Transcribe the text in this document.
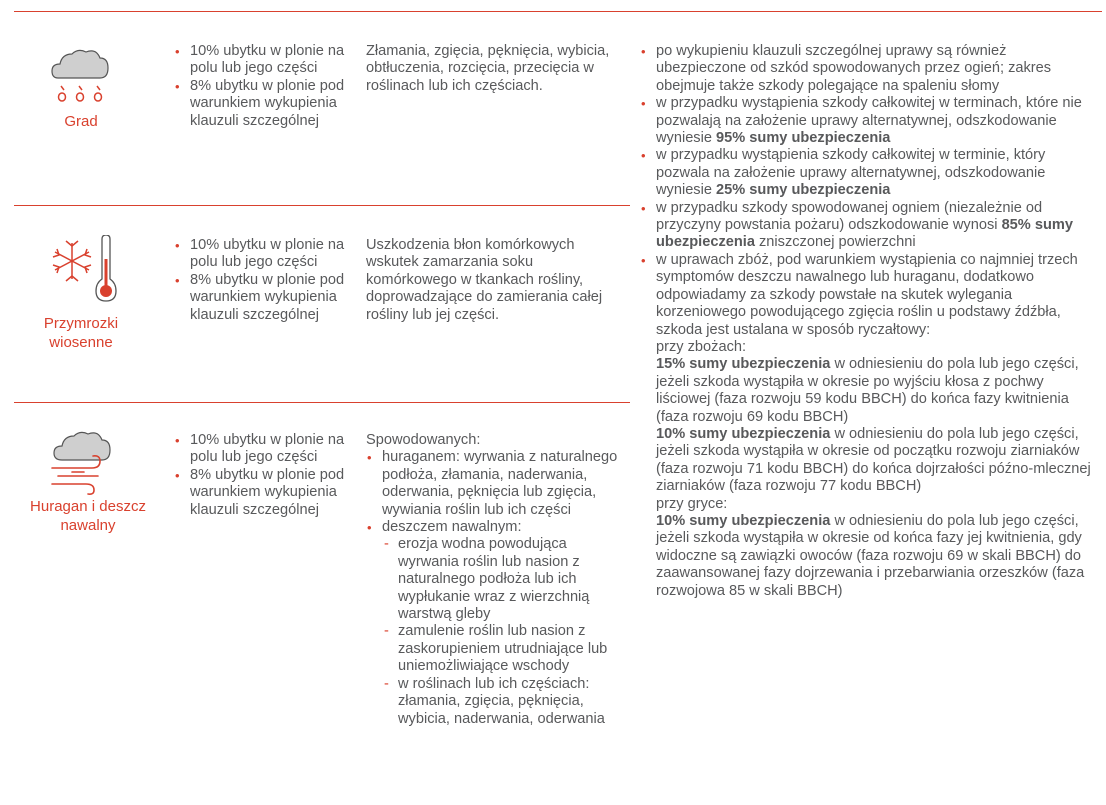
Grad
• 10% ubytku w plonie na polu lub jego części
• 8% ubytku w plonie pod warunkiem wykupienia klauzuli szczególnej
Złamania, zgięcia, pęknięcia, wybicia, obtłuczenia, rozcięcia, przecięcia w roślinach lub ich częściach.
Przymrozki
wiosenne
• 10% ubytku w plonie na polu lub jego części
• 8% ubytku w plonie pod warunkiem wykupienia klauzuli szczególnej
Uszkodzenia błon komórkowych wskutek zamarzania soku komórkowego w tkankach rośliny, doprowadzające do zamierania całej rośliny lub jej części.
Huragan i deszcz
nawalny
• 10% ubytku w plonie na polu lub jego części
• 8% ubytku w plonie pod warunkiem wykupienia klauzuli szczególnej

Spowodowanych:

• huraganem: wyrwania z naturalnego podłoża, złamania, naderwania, oderwania, pęknięcia lub zgięcia, wywiania roślin lub ich części
• deszczem nawalnym:
- erozja wodna powodująca wyrwania roślin lub nasion z naturalnego podłoża lub ich wypłukanie wraz z wierzchnią warstwą gleby
- zamulenie roślin lub nasion z zaskorupieniem utrudniające lub uniemożliwiające wschody
- w roślinach lub ich częściach: złamania, zgięcia, pęknięcia, wybicia, naderwania, oderwania
• po wykupieniu klauzuli szczególnej uprawy są również ubezpieczone od szkód spowodowanych przez ogień; zakres obejmuje także szkody polegające na spaleniu słomy
• w przypadku wystąpienia szkody całkowitej w terminach, które nie pozwalają na założenie uprawy alternatywnej, odszkodowanie wyniesie 95% sumy ubezpieczenia
• w przypadku wystąpienia szkody całkowitej w terminie, który pozwala na założenie uprawy alternatywnej, odszkodowanie wyniesie 25% sumy ubezpieczenia
• w przypadku szkody spowodowanej ogniem (niezależnie od przyczyny powstania pożaru) odszkodowanie wynosi 85% sumy ubezpieczenia zniszczonej powierzchni

• w uprawach zbóż, pod warunkiem wystąpienia co najmniej trzech symptomów deszczu nawalnego lub huraganu, dodatkowo odpowiadamy za szkody powstałe na skutek wylegania korzeniowego powodującego zgięcia roślin u podstawy źdźbła, szkoda jest ustalana w sposób ryczałtowy:

przy zbożach:

15% sumy ubezpieczenia w odniesieniu do pola lub jego części, jeżeli szkoda wystąpiła w okresie po wyjściu kłosa z pochwy liściowej (faza rozwoju 59 kodu BBCH) do końca fazy kwitnienia (faza rozwoju 69 kodu BBCH)

10% sumy ubezpieczenia w odniesieniu do pola lub jego części, jeżeli szkoda wystąpiła w okresie od początku rozwoju ziarniaków (faza rozwoju 71 kodu BBCH) do końca dojrzałości późno-mlecznej ziarniaków (faza rozwoju 77 kodu BBCH)

przy gryce:

10% sumy ubezpieczenia w odniesieniu do pola lub jego części, jeżeli szkoda wystąpiła w okresie od końca fazy jej kwitnienia, gdy widoczne są zawiązki owoców (faza rozwoju 69 w skali BBCH) do zaawansowanej fazy dojrzewania i przebarwiania orzeszków (faza rozwojowa 85 w skali BBCH)
